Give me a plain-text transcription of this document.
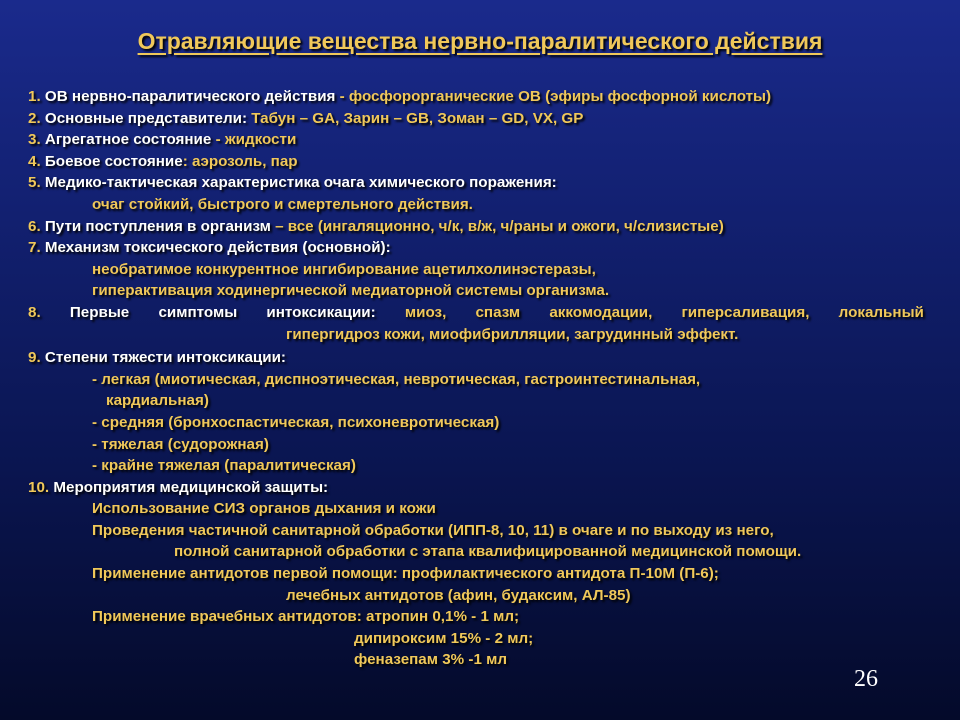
Отравляющие вещества нервно-паралитического действия
1. ОВ нервно-паралитического действия - фосфорорганические ОВ (эфиры фосфорной кислоты)
2. Основные представители: Табун – GA, Зарин – GB, Зоман – GD, VX, GP
3. Агрегатное состояние - жидкости
4. Боевое состояние: аэрозоль, пар
5. Медико-тактическая характеристика очага химического поражения:
очаг стойкий, быстрого и смертельного действия.
6. Пути поступления в организм – все (ингаляционно, ч/к, в/ж, ч/раны и ожоги, ч/слизистые)
7. Механизм токсического действия (основной):
необратимое конкурентное ингибирование ацетилхолинэстеразы,
гиперактивация ходинергической медиаторной системы организма.
8. Первые симптомы интоксикации: миоз, спазм аккомодации, гиперсаливация, локальный
гипергидроз кожи, миофибрилляции, загрудинный эффект.
9. Степени тяжести интоксикации:
- легкая (миотическая, диспноэтическая, невротическая, гастроинтестинальная,
кардиальная)
- средняя (бронхоспастическая, психоневротическая)
- тяжелая (судорожная)
- крайне тяжелая (паралитическая)
10. Мероприятия медицинской защиты:
Использование СИЗ органов дыхания и кожи
Проведения частичной санитарной обработки (ИПП-8, 10, 11) в очаге и по выходу из него,
полной санитарной обработки с этапа квалифицированной медицинской помощи.
Применение антидотов первой помощи: профилактического антидота П-10М (П-6);
лечебных антидотов (афин, будаксим, АЛ-85)
Применение врачебных антидотов: атропин 0,1% - 1 мл;
дипироксим 15% - 2 мл;
феназепам 3% -1 мл
26
